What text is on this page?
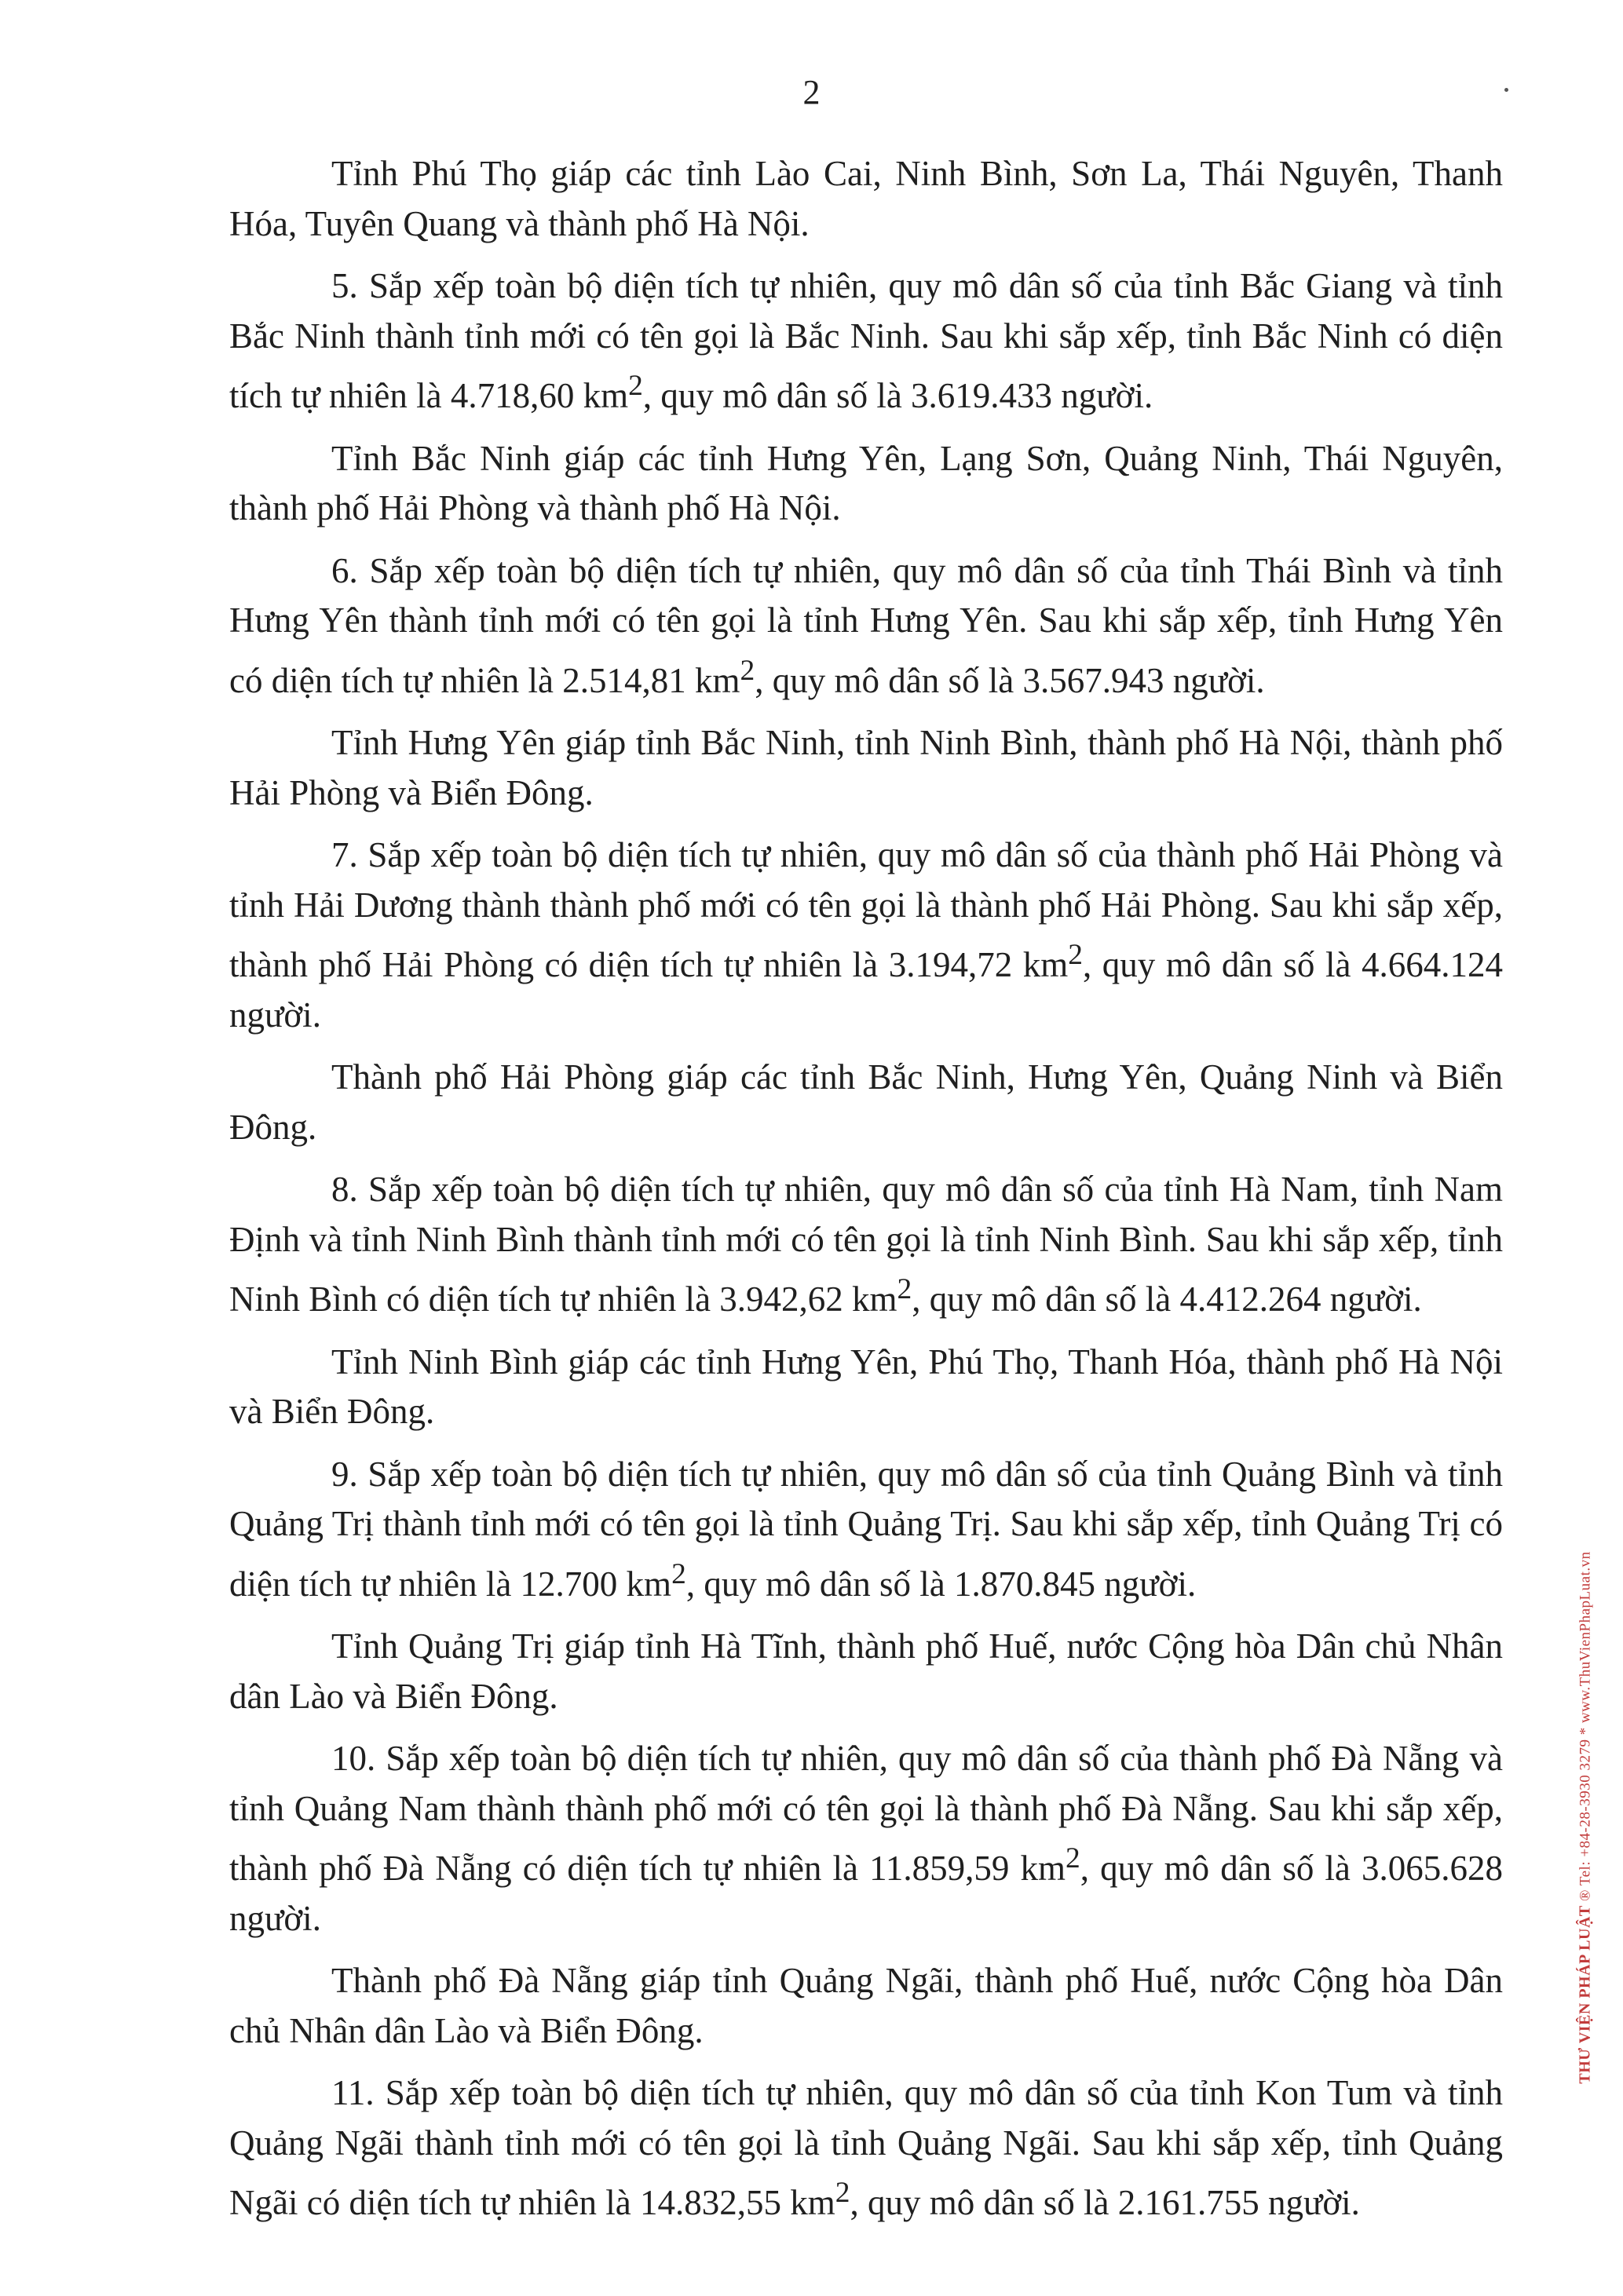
2

Tỉnh Phú Thọ giáp các tỉnh Lào Cai, Ninh Bình, Sơn La, Thái Nguyên, Thanh Hóa, Tuyên Quang và thành phố Hà Nội.

5. Sắp xếp toàn bộ diện tích tự nhiên, quy mô dân số của tỉnh Bắc Giang và tỉnh Bắc Ninh thành tỉnh mới có tên gọi là Bắc Ninh. Sau khi sắp xếp, tỉnh Bắc Ninh có diện tích tự nhiên là 4.718,60 $km^2$, quy mô dân số là 3.619.433 người.

Tỉnh Bắc Ninh giáp các tỉnh Hưng Yên, Lạng Sơn, Quảng Ninh, Thái Nguyên, thành phố Hải Phòng và thành phố Hà Nội.

6. Sắp xếp toàn bộ diện tích tự nhiên, quy mô dân số của tỉnh Thái Bình và tỉnh Hưng Yên thành tỉnh mới có tên gọi là tỉnh Hưng Yên. Sau khi sắp xếp, tỉnh Hưng Yên có diện tích tự nhiên là 2.514,81 $km^2$, quy mô dân số là 3.567.943 người.

Tỉnh Hưng Yên giáp tỉnh Bắc Ninh, tỉnh Ninh Bình, thành phố Hà Nội, thành phố Hải Phòng và Biển Đông.

7. Sắp xếp toàn bộ diện tích tự nhiên, quy mô dân số của thành phố Hải Phòng và tỉnh Hải Dương thành thành phố mới có tên gọi là thành phố Hải Phòng. Sau khi sắp xếp, thành phố Hải Phòng có diện tích tự nhiên là 3.194,72 $km^2$, quy mô dân số là 4.664.124 người.

Thành phố Hải Phòng giáp các tỉnh Bắc Ninh, Hưng Yên, Quảng Ninh và Biển Đông.

8. Sắp xếp toàn bộ diện tích tự nhiên, quy mô dân số của tỉnh Hà Nam, tỉnh Nam Định và tỉnh Ninh Bình thành tỉnh mới có tên gọi là tỉnh Ninh Bình. Sau khi sắp xếp, tỉnh Ninh Bình có diện tích tự nhiên là 3.942,62 $km^2$, quy mô dân số là 4.412.264 người.

Tỉnh Ninh Bình giáp các tỉnh Hưng Yên, Phú Thọ, Thanh Hóa, thành phố Hà Nội và Biển Đông.

9. Sắp xếp toàn bộ diện tích tự nhiên, quy mô dân số của tỉnh Quảng Bình và tỉnh Quảng Trị thành tỉnh mới có tên gọi là tỉnh Quảng Trị. Sau khi sắp xếp, tỉnh Quảng Trị có diện tích tự nhiên là 12.700 $km^2$, quy mô dân số là 1.870.845 người.

Tỉnh Quảng Trị giáp tỉnh Hà Tĩnh, thành phố Huế, nước Cộng hòa Dân chủ Nhân dân Lào và Biển Đông.

10. Sắp xếp toàn bộ diện tích tự nhiên, quy mô dân số của thành phố Đà Nẵng và tỉnh Quảng Nam thành thành phố mới có tên gọi là thành phố Đà Nẵng. Sau khi sắp xếp, thành phố Đà Nẵng có diện tích tự nhiên là 11.859,59 $km^2$, quy mô dân số là 3.065.628 người.

Thành phố Đà Nẵng giáp tỉnh Quảng Ngãi, thành phố Huế, nước Cộng hòa Dân chủ Nhân dân Lào và Biển Đông.

11. Sắp xếp toàn bộ diện tích tự nhiên, quy mô dân số của tỉnh Kon Tum và tỉnh Quảng Ngãi thành tỉnh mới có tên gọi là tỉnh Quảng Ngãi. Sau khi sắp xếp, tỉnh Quảng Ngãi có diện tích tự nhiên là 14.832,55 $km^2$, quy mô dân số là 2.161.755 người.

THƯ VIỆN PHÁP LUẬT ® Tel: +84-28-3930 3279 * www.ThuVienPhapLuat.vn
